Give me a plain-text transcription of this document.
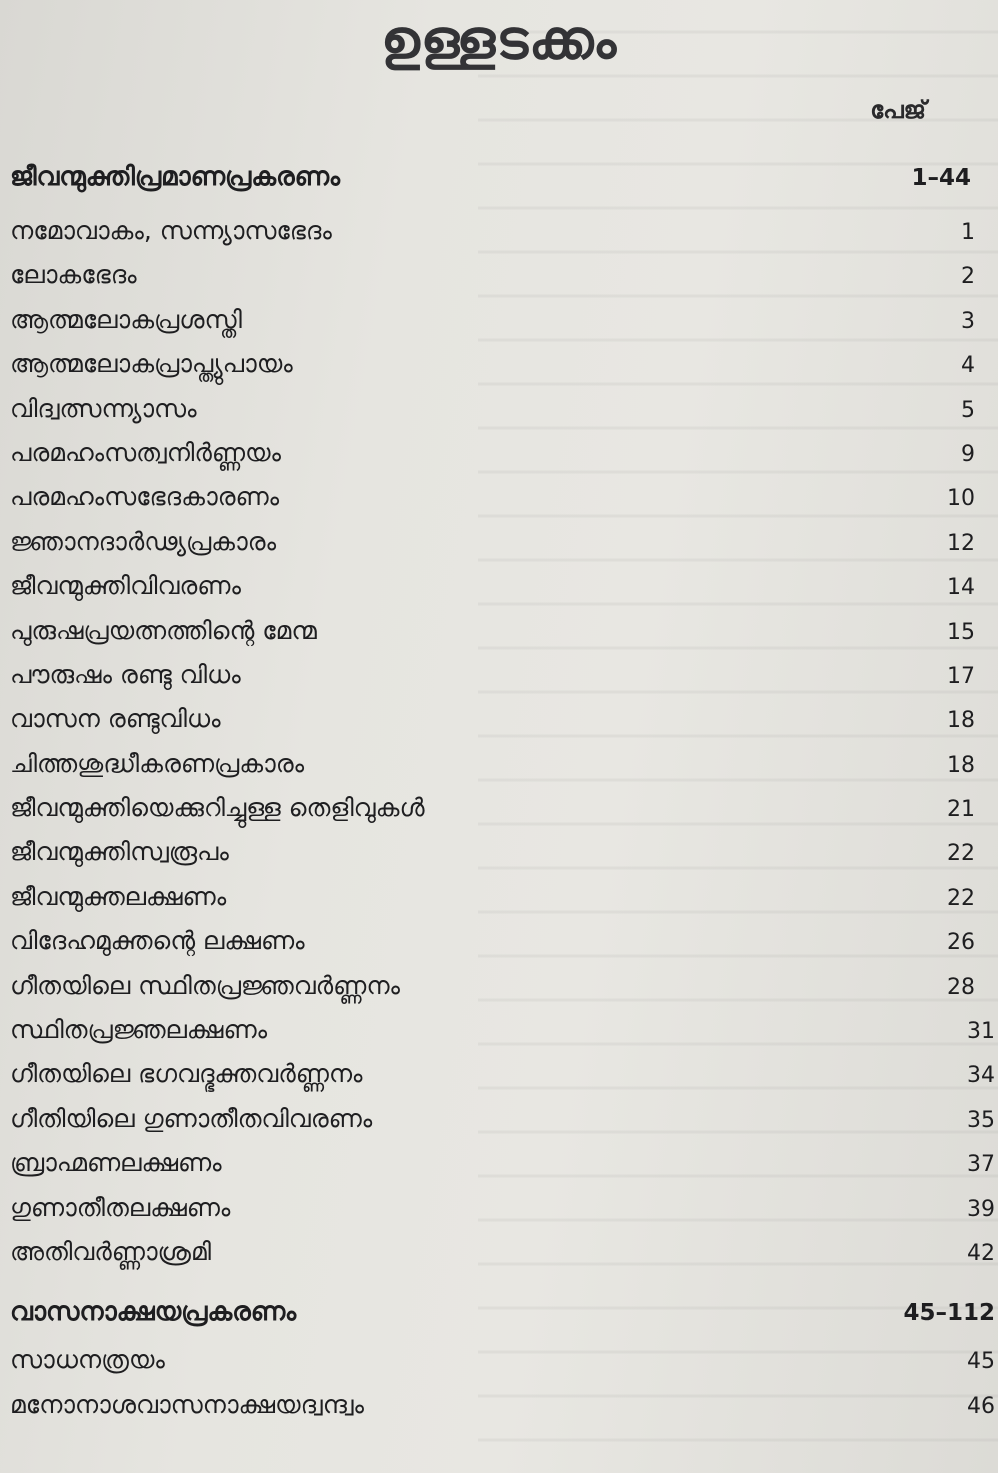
ഉള്ളടക്കം
പേജ്
ജീവന്മുക്തിപ്രമാണപ്രകരണം	1–44
നമോവാകം, സന്ന്യാസഭേദം	1
ലോകഭേദം	2
ആത്മലോകപ്രശസ്തി	3
ആത്മലോകപ്രാപ്ത്യുപായം	4
വിദ്വത്സന്ന്യാസം	5
പരമഹംസത്വനിർണ്ണയം	9
പരമഹംസഭേദകാരണം	10
ജ്ഞാനദാർഢ്യപ്രകാരം	12
ജീവന്മുക്തിവിവരണം	14
പുരുഷപ്രയത്നത്തിന്റെ മേന്മ	15
പൗരുഷം രണ്ടു വിധം	17
വാസന രണ്ടുവിധം	18
ചിത്തശുദ്ധീകരണപ്രകാരം	18
ജീവന്മുക്തിയെക്കുറിച്ചുള്ള തെളിവുകൾ	21
ജീവന്മുക്തിസ്വരൂപം	22
ജീവന്മുക്തലക്ഷണം	22
വിദേഹമുക്തന്റെ ലക്ഷണം	26
ഗീതയിലെ സ്ഥിതപ്രജ്ഞവർണ്ണനം	28
സ്ഥിതപ്രജ്ഞലക്ഷണം	31
ഗീതയിലെ ഭഗവദ്ഭക്തവർണ്ണനം	34
ഗീതിയിലെ ഗുണാതീതവിവരണം	35
ബ്രാഹ്മണലക്ഷണം	37
ഗുണാതീതലക്ഷണം	39
അതിവർണ്ണാശ്രമി	42
വാസനാക്ഷയപ്രകരണം	45–112
സാധനത്രയം	45
മനോനാശവാസനാക്ഷയദ്വന്ദ്വം	46
